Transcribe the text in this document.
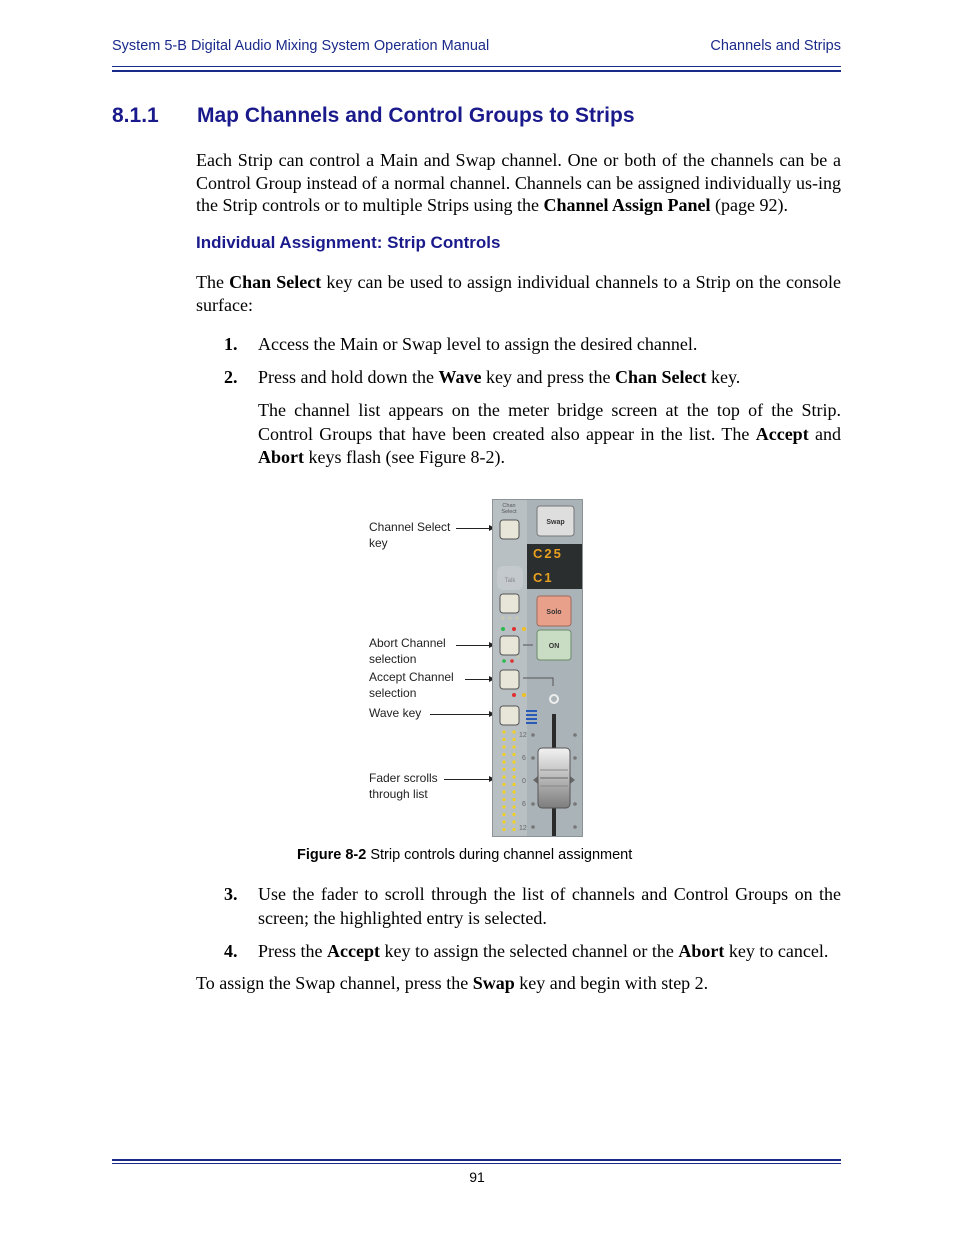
System 5-B Digital Audio Mixing System Operation Manual	Channels and Strips
8.1.1 Map Channels and Control Groups to Strips

Each Strip can control a Main and Swap channel. One or both of the channels can be a Control Group instead of a normal channel. Channels can be assigned individually us-ing the Strip controls or to multiple Strips using the Channel Assign Panel (page 92).

Individual Assignment: Strip Controls

The Chan Select key can be used to assign individual channels to a Strip on the console surface:

1. Access the Main or Swap level to assign the desired channel.
2. Press and hold down the Wave key and press the Chan Select key.
The channel list appears on the meter bridge screen at the top of the Strip. Control Groups that have been created also appear in the list. The Accept and Abort keys flash (see Figure 8-2).
Channel Select
key
Abort Channel
selection
Accept Channel
selection
Wave key
Fader scrolls
through list
Chan
Select
Swap
C25
C1
Talk
Solo
ON
12
6
0
6
12
Figure 8-2 Strip controls during channel assignment
3. Use the fader to scroll through the list of channels and Control Groups on the screen; the highlighted entry is selected.
4. Press the Accept key to assign the selected channel or the Abort key to cancel.

To assign the Swap channel, press the Swap key and begin with step 2.

91
